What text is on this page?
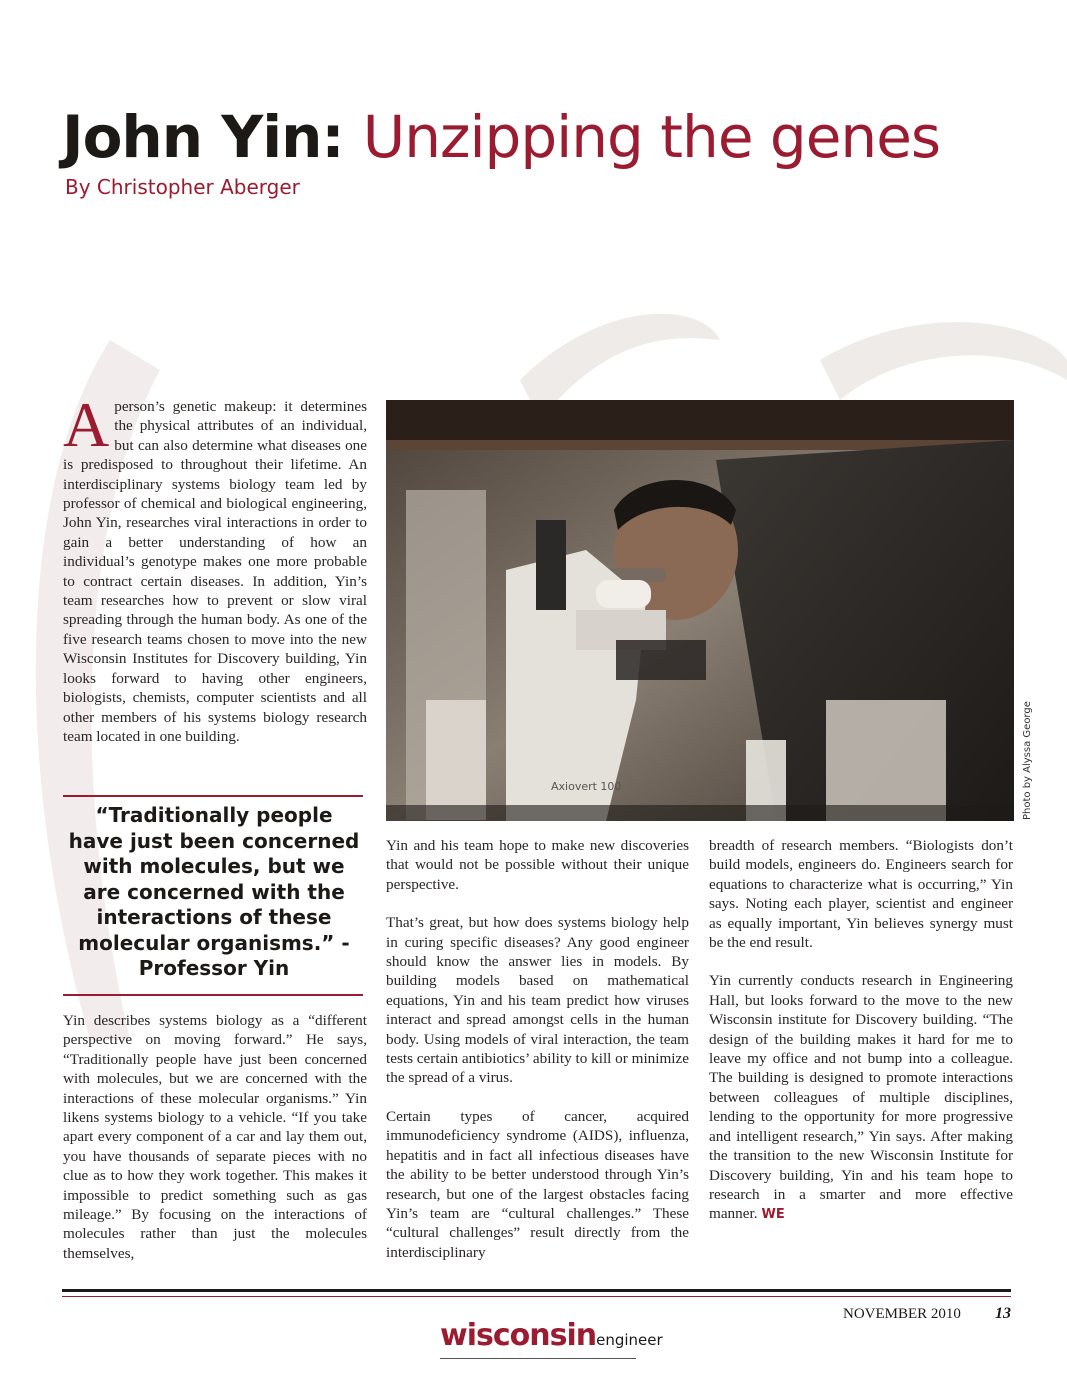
John Yin: Unzipping the genes

By Christopher Aberger

Aperson’s genetic makeup: it determines the physical attributes of an individual, but can also determine what diseases one is predisposed to throughout their lifetime. An interdisciplinary systems biology team led by professor of chemical and biological engineering, John Yin, researches viral interactions in order to gain a better understanding of how an individual’s genotype makes one more probable to contract certain diseases. In addition, Yin’s team researches how to prevent or slow viral spreading through the human body. As one of the five research teams chosen to move into the new Wisconsin Institutes for Discovery building, Yin looks forward to having other engineers, biologists, chemists, computer scientists and all other members of his systems biology research team located in one building.

“Traditionally people have just been concerned with molecules, but we are concerned with the interactions of these molecular organisms.” -Professor Yin

Yin describes systems biology as a “different perspective on moving forward.” He says, “Traditionally people have just been concerned with molecules, but we are concerned with the interactions of these molecular organisms.” Yin likens systems biology to a vehicle. “If you take apart every component of a car and lay them out, you have thousands of separate pieces with no clue as to how they work together. This makes it impossible to predict something such as gas mileage.” By focusing on the interactions of molecules rather than just the molecules themselves,

Axiovert 100	Photo by Alyssa George

Yin and his team hope to make new discoveries that would not be possible without their unique perspective.

That’s great, but how does systems biology help in curing specific diseases? Any good engineer should know the answer lies in models. By building models based on mathematical equations, Yin and his team predict how viruses interact and spread amongst cells in the human body. Using models of viral interaction, the team tests certain antibiotics’ ability to kill or minimize the spread of a virus.

Certain types of cancer, acquired immunodeficiency syndrome (AIDS), influenza, hepatitis and in fact all infectious diseases have the ability to be better understood through Yin’s research, but one of the largest obstacles facing Yin’s team are “cultural challenges.” These “cultural challenges” result directly from the interdisciplinary

breadth of research members. “Biologists don’t build models, engineers do. Engineers search for equations to characterize what is occurring,” Yin says. Noting each player, scientist and engineer as equally important, Yin believes synergy must be the end result.

Yin currently conducts research in Engineering Hall, but looks forward to the move to the new Wisconsin institute for Discovery building. “The design of the building makes it hard for me to leave my office and not bump into a colleague. The building is designed to promote interactions between colleagues of multiple disciplines, lending to the opportunity for more progressive and intelligent research,” Yin says. After making the transition to the new Wisconsin Institute for Discovery building, Yin and his team hope to research in a smarter and more effective manner. WE

NOVEMBER 2010 13
wisconsinengineer
